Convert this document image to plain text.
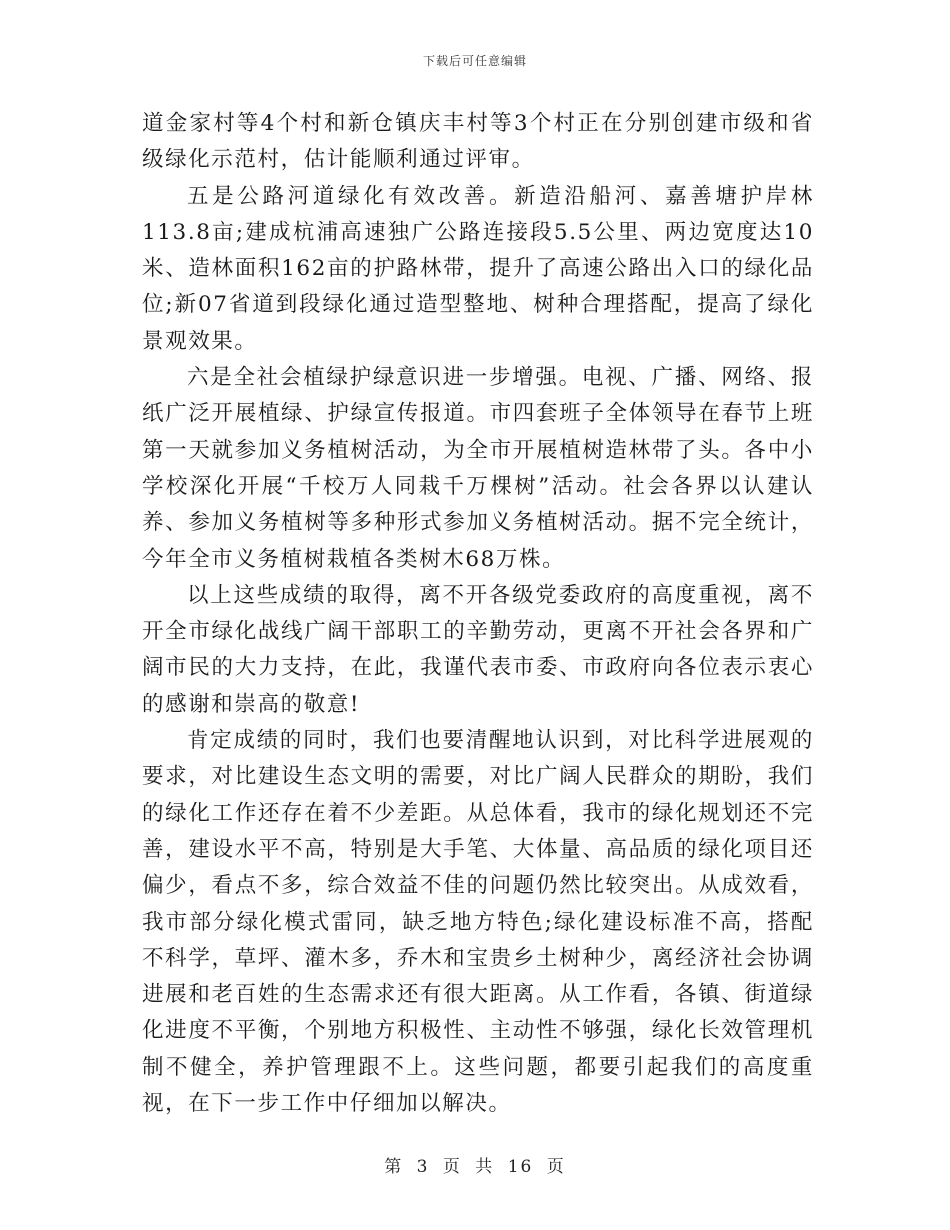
下载后可任意编辑

道金家村等4个村和新仓镇庆丰村等3个村正在分别创建市级和省级绿化示范村，估计能顺利通过评审。

五是公路河道绿化有效改善。新造沿船河、嘉善塘护岸林113.8亩;建成杭浦高速独广公路连接段5.5公里、两边宽度达10米、造林面积162亩的护路林带，提升了高速公路出入口的绿化品位;新07省道到段绿化通过造型整地、树种合理搭配，提高了绿化景观效果。

六是全社会植绿护绿意识进一步增强。电视、广播、网络、报纸广泛开展植绿、护绿宣传报道。市四套班子全体领导在春节上班第一天就参加义务植树活动，为全市开展植树造林带了头。各中小学校深化开展“千校万人同栽千万棵树”活动。社会各界以认建认养、参加义务植树等多种形式参加义务植树活动。据不完全统计，今年全市义务植树栽植各类树木68万株。

以上这些成绩的取得，离不开各级党委政府的高度重视，离不开全市绿化战线广阔干部职工的辛勤劳动，更离不开社会各界和广阔市民的大力支持，在此，我谨代表市委、市政府向各位表示衷心的感谢和崇高的敬意!

肯定成绩的同时，我们也要清醒地认识到，对比科学进展观的要求，对比建设生态文明的需要，对比广阔人民群众的期盼，我们的绿化工作还存在着不少差距。从总体看，我市的绿化规划还不完善，建设水平不高，特别是大手笔、大体量、高品质的绿化项目还偏少，看点不多，综合效益不佳的问题仍然比较突出。从成效看，我市部分绿化模式雷同，缺乏地方特色;绿化建设标准不高，搭配不科学，草坪、灌木多，乔木和宝贵乡土树种少，离经济社会协调进展和老百姓的生态需求还有很大距离。从工作看，各镇、街道绿化进度不平衡，个别地方积极性、主动性不够强，绿化长效管理机制不健全，养护管理跟不上。这些问题，都要引起我们的高度重视，在下一步工作中仔细加以解决。

第 3 页 共 16 页
